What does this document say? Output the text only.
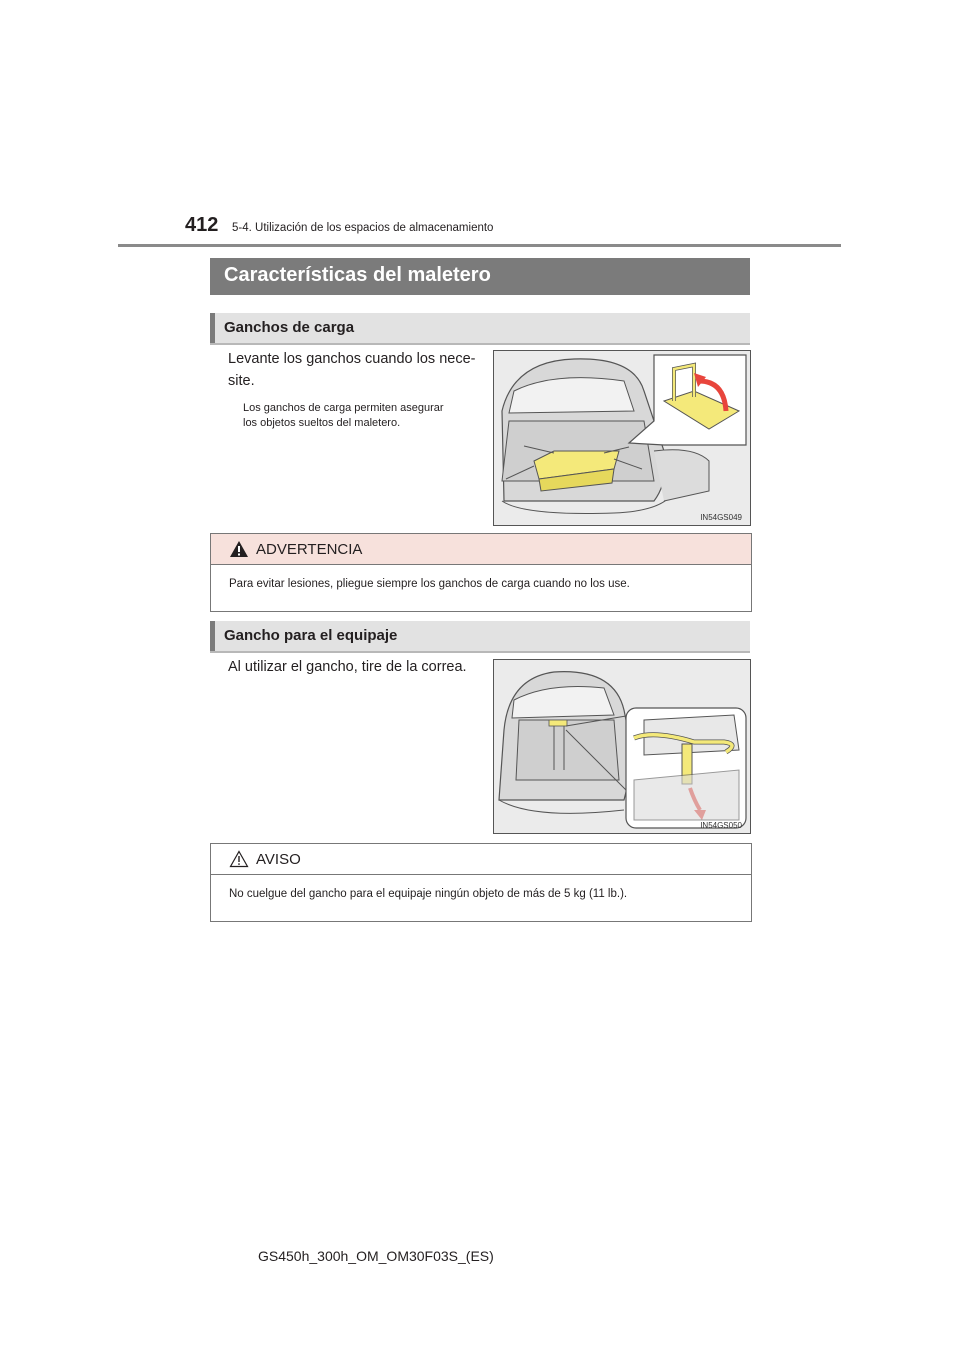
412 5-4. Utilización de los espacios de almacenamiento
Características del maletero
Ganchos de carga
Levante los ganchos cuando los nece-
site.
Los ganchos de carga permiten asegurar
los objetos sueltos del maletero.
IN54GS049
ADVERTENCIA
Para evitar lesiones, pliegue siempre los ganchos de carga cuando no los use.
Gancho para el equipaje
Al utilizar el gancho, tire de la correa.
IN54GS050
AVISO
No cuelgue del gancho para el equipaje ningún objeto de más de 5 kg (11 lb.).
GS450h_300h_OM_OM30F03S_(ES)
